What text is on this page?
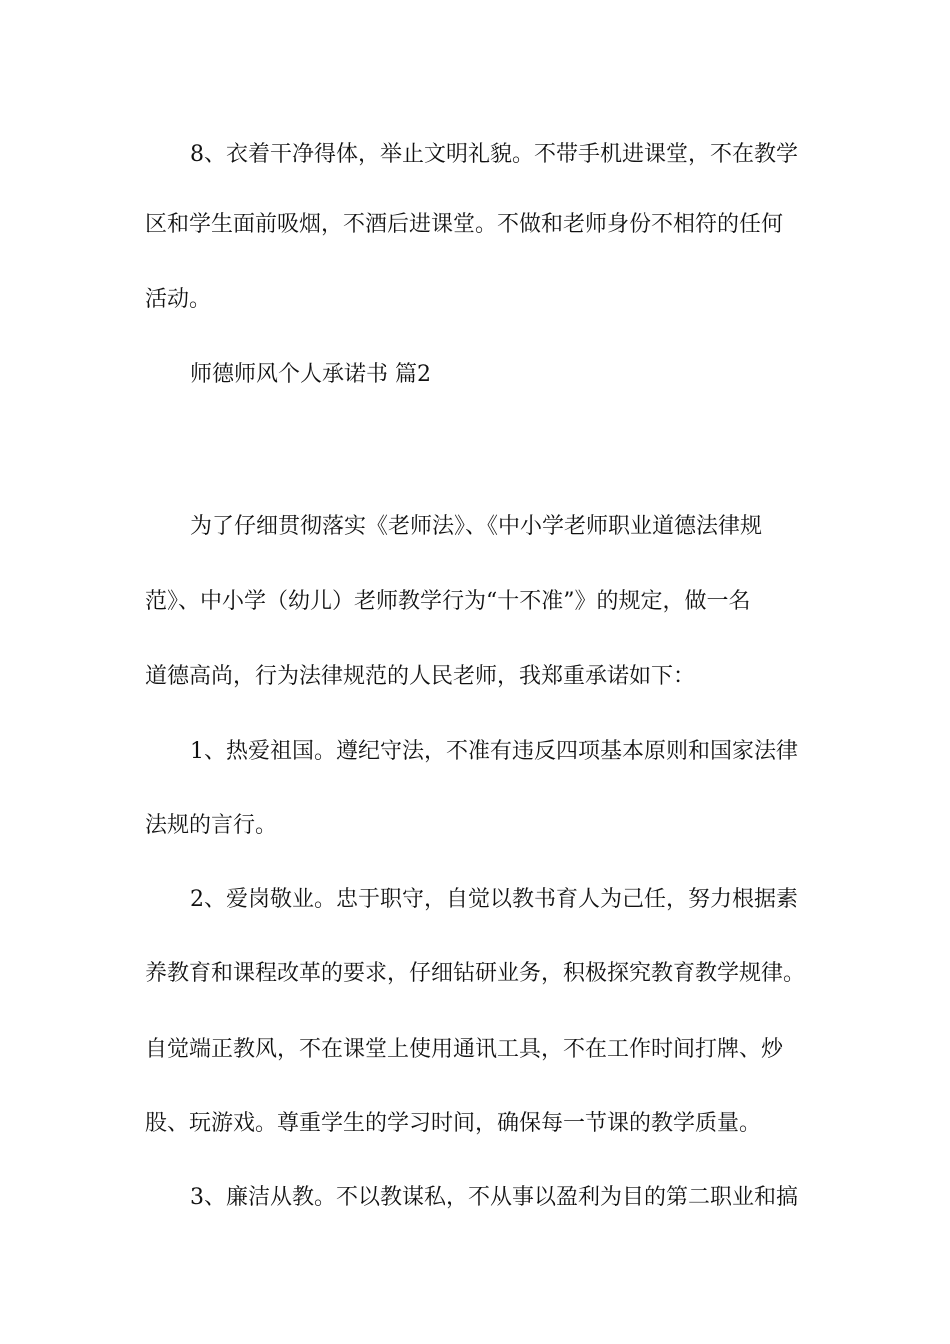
8、衣着干净得体，举止文明礼貌。不带手机进课堂，不在教学
区和学生面前吸烟，不酒后进课堂。不做和老师身份不相符的任何
活动。
师德师风个人承诺书 篇2
为了仔细贯彻落实《老师法》、《中小学老师职业道德法律规
范》、中小学（幼儿）老师教学行为“十不准”》的规定，做一名
道德高尚，行为法律规范的人民老师，我郑重承诺如下：
1、热爱祖国。遵纪守法，不准有违反四项基本原则和国家法律
法规的言行。
2、爱岗敬业。忠于职守，自觉以教书育人为己任，努力根据素
养教育和课程改革的要求，仔细钻研业务，积极探究教育教学规律。
自觉端正教风，不在课堂上使用通讯工具，不在工作时间打牌、炒
股、玩游戏。尊重学生的学习时间，确保每一节课的教学质量。
3、廉洁从教。不以教谋私，不从事以盈利为目的第二职业和搞
